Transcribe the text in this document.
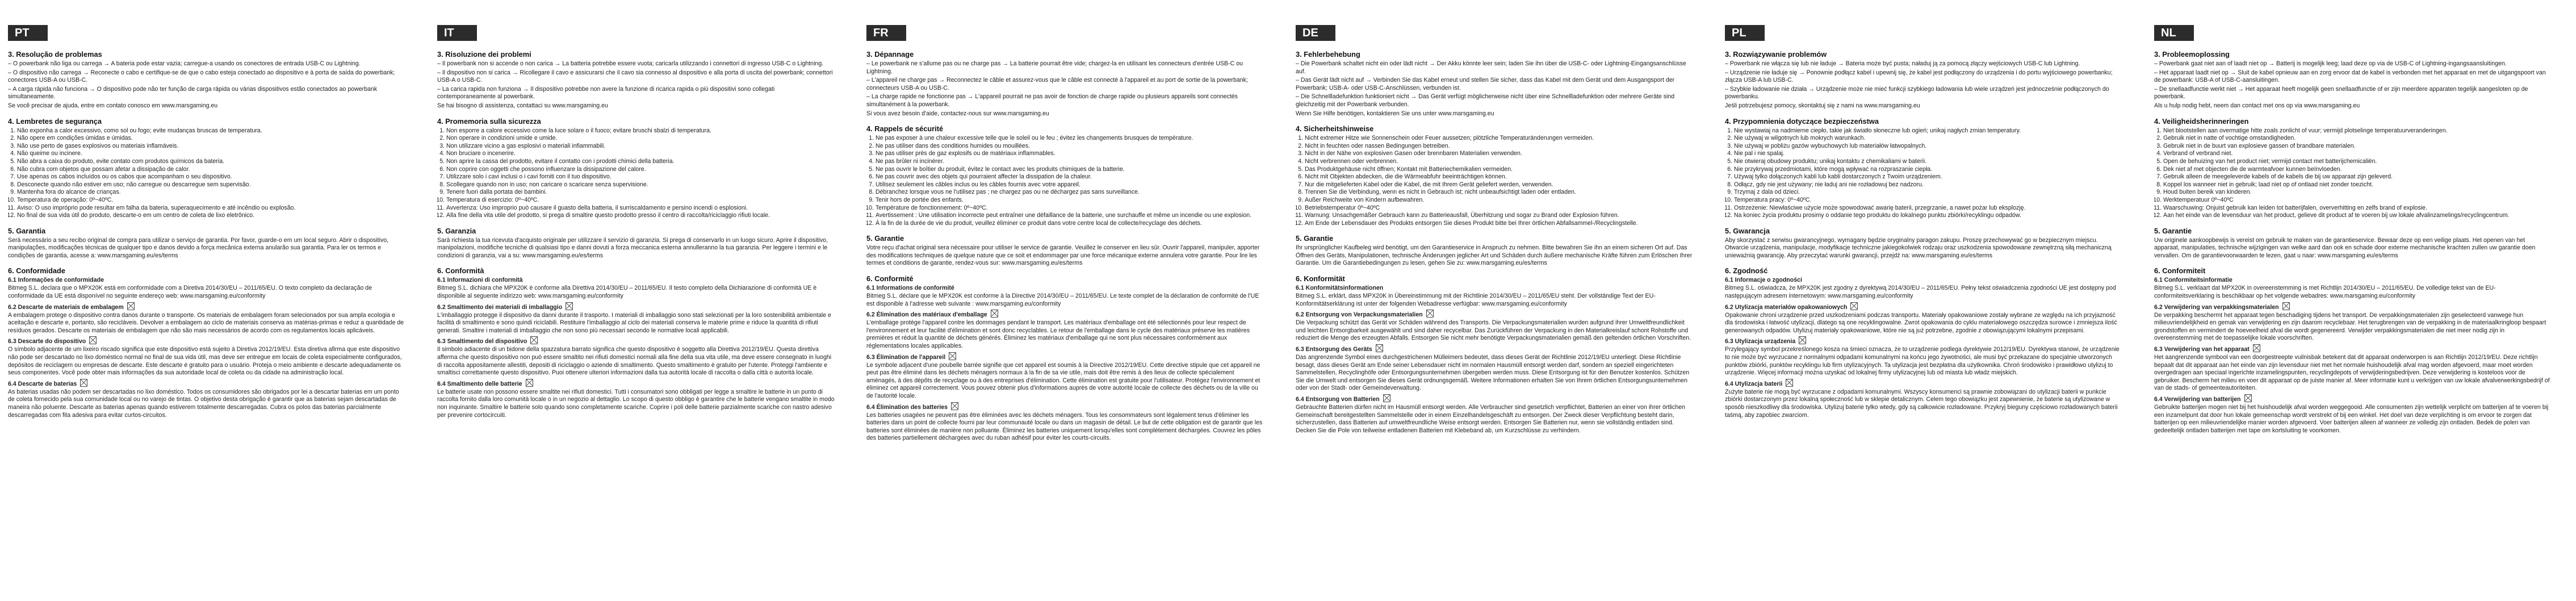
PT
3. Resolução de problemas

– O powerbank não liga ou carrega → A bateria pode estar vazia; carregue-a usando os conectores de entrada USB-C ou Lightning.

– O dispositivo não carrega → Reconecte o cabo e certifique-se de que o cabo esteja conectado ao dispositivo e à porta de saída do powerbank; conectores USB-A ou USB-C.

– A carga rápida não funciona → O dispositivo pode não ter função de carga rápida ou várias dispositivos estão conectados ao powerbank simultaneamente.

Se você precisar de ajuda, entre em contato conosco em www.marsgaming.eu

4. Lembretes de segurança
1. Não exponha a calor excessivo, como sol ou fogo; evite mudanças bruscas de temperatura.
2. Não opere em condições úmidas e úmidas.
3. Não use perto de gases explosivos ou materiais inflamáveis.
4. Não queime ou incinere.
5. Não abra a caixa do produto, evite contato com produtos químicos da bateria.
6. Não cubra com objetos que possam afetar a dissipação de calor.
7. Use apenas os cabos incluídos ou os cabos que acompanham o seu dispositivo.
8. Desconecte quando não estiver em uso; não carregue ou descarregue sem supervisão.
9. Mantenha fora do alcance de crianças.
10. Temperatura de operação: 0º~40ºC.
11. Aviso: O uso impróprio pode resultar em falha da bateria, superaquecimento e até incêndio ou explosão.
12. No final de sua vida útil do produto, descarte-o em um centro de coleta de lixo eletrônico.
5. Garantia

Será necessário a seu recibo original de compra para utilizar o serviço de garantia. Por favor, guarde-o em um local seguro. Abrir o dispositivo, manipulações, modificações técnicas de qualquer tipo e danos devido a força mecânica externa anularão sua garantia. Para ler os termos e condições de garantia, acesse a: www.marsgaming.eu/es/terms

6. Conformidade
6.1 Informações de conformidade

Bitmeg S.L. declara que o MPX20K está em conformidade com a Diretiva 2014/30/EU – 2011/65/EU. O texto completo da declaração de conformidade da UE está disponível no seguinte endereço web: www.marsgaming.eu/conformity

6.2 Descarte de materiais de embalagem

A embalagem protege o dispositivo contra danos durante o transporte. Os materiais de embalagem foram selecionados por sua ampla ecologia e aceitação e descarte e, portanto, são recicláveis. Devolver a embalagem ao ciclo de materiais conserva as matérias-primas e reduz a quantidade de resíduos gerados. Descarte os materiais de embalagem que não são mais necessários de acordo com os regulamentos locais aplicáveis.

6.3 Descarte do dispositivo

O símbolo adjacente de um lixeiro riscado significa que este dispositivo está sujeito à Diretiva 2012/19/EU. Esta diretiva afirma que este dispositivo não pode ser descartado no lixo doméstico normal no final de sua vida útil, mas deve ser entregue em locais de coleta especialmente configurados, depósitos de reciclagem ou empresas de descarte. Este descarte é gratuito para o usuário. Proteja o meio ambiente e descarte adequadamente os seus componentes. Você pode obter mais informações da sua autoridade local de coleta ou da cidade na administração local.

6.4 Descarte de baterias

As baterias usadas não podem ser descartadas no lixo doméstico. Todos os consumidores são obrigados por lei a descartar baterias em um ponto de coleta fornecido pela sua comunidade local ou no varejo de tintas. O objetivo desta obrigação é garantir que as baterias sejam descartadas de maneira não poluente. Descarte as baterias apenas quando estiverem totalmente descarregadas. Cubra os polos das baterias parcialmente descarregadas com fita adesiva para evitar curtos-circuitos.

IT
3. Risoluzione dei problemi

– Il powerbank non si accende o non carica → La batteria potrebbe essere vuota; caricarla utilizzando i connettori di ingresso USB-C o Lightning.

– Il dispositivo non si carica → Ricollegare il cavo e assicurarsi che il cavo sia connesso al dispositivo e alla porta di uscita del powerbank; connettori USB-A o USB-C.

– La carica rapida non funziona → Il dispositivo potrebbe non avere la funzione di ricarica rapida o più dispositivi sono collegati contemporaneamente al powerbank.

Se hai bisogno di assistenza, contattaci su www.marsgaming.eu

4. Promemoria sulla sicurezza
1. Non esporre a calore eccessivo come la luce solare o il fuoco; evitare bruschi sbalzi di temperatura.
2. Non operare in condizioni umide e umide.
3. Non utilizzare vicino a gas esplosivi o materiali infiammabili.
4. Non bruciare o incenerire.
5. Non aprire la cassa del prodotto, evitare il contatto con i prodotti chimici della batteria.
6. Non coprire con oggetti che possono influenzare la dissipazione del calore.
7. Utilizzare solo i cavi inclusi o i cavi forniti con il tuo dispositivo.
8. Scollegare quando non in uso; non caricare o scaricare senza supervisione.
9. Tenere fuori dalla portata dei bambini.
10. Temperatura di esercizio: 0º~40ºC.
11. Avvertenza: Uso improprio può causare il guasto della batteria, il surriscaldamento e persino incendi o esplosioni.
12. Alla fine della vita utile del prodotto, si prega di smaltire questo prodotto presso il centro di raccolta/riciclaggio rifiuti locale.
5. Garanzia

Sarà richiesta la tua ricevuta d'acquisto originale per utilizzare il servizio di garanzia. Si prega di conservarlo in un luogo sicuro. Aprire il dispositivo, manipolazioni, modifiche tecniche di qualsiasi tipo e danni dovuti a forza meccanica esterna annulleranno la tua garanzia. Per leggere i termini e le condizioni di garanzia, vai a su: www.marsgaming.eu/es/terms

6. Conformità
6.1 Informazioni di conformità

Bitmeg S.L. dichiara che MPX20K è conforme alla Direttiva 2014/30/EU – 2011/65/EU. Il testo completo della Dichiarazione di conformità UE è disponibile al seguente indirizzo web: www.marsgaming.eu/conformity

6.2 Smaltimento dei materiali di imballaggio

L'imballaggio protegge il dispositivo da danni durante il trasporto. I materiali di imballaggio sono stati selezionati per la loro sostenibilità ambientale e facilità di smaltimento e sono quindi riciclabili. Restituire l'imballaggio al ciclo dei materiali conserva le materie prime e riduce la quantità di rifiuti generati. Smaltire i materiali di imballaggio che non sono più necessari secondo le normative locali applicabili.

6.3 Smaltimento del dispositivo

Il simbolo adiacente di un bidone della spazzatura barrato significa che questo dispositivo è soggetto alla Direttiva 2012/19/EU. Questa direttiva afferma che questo dispositivo non può essere smaltito nei rifiuti domestici normali alla fine della sua vita utile, ma deve essere consegnato in luoghi di raccolta appositamente allestiti, depositi di riciclaggio o aziende di smaltimento. Questo smaltimento è gratuito per l'utente. Proteggi l'ambiente e smaltisci correttamente questo dispositivo. Puoi ottenere ulteriori informazioni dalla tua autorità locale di raccolta o dalla città o autorità locale.

6.4 Smaltimento delle batterie

Le batterie usate non possono essere smaltite nei rifiuti domestici. Tutti i consumatori sono obbligati per legge a smaltire le batterie in un punto di raccolta fornito dalla loro comunità locale o in un negozio al dettaglio. Lo scopo di questo obbligo è garantire che le batterie vengano smaltite in modo non inquinante. Smaltire le batterie solo quando sono completamente scariche. Coprire i poli delle batterie parzialmente scariche con nastro adesivo per prevenire cortocircuiti.

FR
3. Dépannage

– Le powerbank ne s'allume pas ou ne charge pas → La batterie pourrait être vide; chargez-la en utilisant les connecteurs d'entrée USB-C ou Lightning.

– L'appareil ne charge pas → Reconnectez le câble et assurez-vous que le câble est connecté à l'appareil et au port de sortie de la powerbank; connecteurs USB-A ou USB-C.

– La charge rapide ne fonctionne pas → L'appareil pourrait ne pas avoir de fonction de charge rapide ou plusieurs appareils sont connectés simultanément à la powerbank.

Si vous avez besoin d'aide, contactez-nous sur www.marsgaming.eu

4. Rappels de sécurité
1. Ne pas exposer à une chaleur excessive telle que le soleil ou le feu ; évitez les changements brusques de température.
2. Ne pas utiliser dans des conditions humides ou mouillées.
3. Ne pas utiliser près de gaz explosifs ou de matériaux inflammables.
4. Ne pas brûler ni incinérer.
5. Ne pas ouvrir le boîtier du produit, évitez le contact avec les produits chimiques de la batterie.
6. Ne pas couvrir avec des objets qui pourraient affecter la dissipation de la chaleur.
7. Utilisez seulement les câbles inclus ou les câbles fournis avec votre appareil.
8. Débranchez lorsque vous ne l'utilisez pas ; ne chargez pas ou ne déchargez pas sans surveillance.
9. Tenir hors de portée des enfants.
10. Température de fonctionnement: 0º~40ºC.
11. Avertissement : Une utilisation incorrecte peut entraîner une défaillance de la batterie, une surchauffe et même un incendie ou une explosion.
12. À la fin de la durée de vie du produit, veuillez éliminer ce produit dans votre centre local de collecte/recyclage des déchets.
5. Garantie

Votre reçu d'achat original sera nécessaire pour utiliser le service de garantie. Veuillez le conserver en lieu sûr. Ouvrir l'appareil, manipuler, apporter des modifications techniques de quelque nature que ce soit et endommager par une force mécanique externe annulera votre garantie. Pour lire les termes et conditions de garantie, rendez-vous sur: www.marsgaming.eu/es/terms

6. Conformité
6.1 Informations de conformité

Bitmeg S.L. déclare que le MPX20K est conforme à la Directive 2014/30/EU – 2011/65/EU. Le texte complet de la déclaration de conformité de l'UE est disponible à l'adresse web suivante : www.marsgaming.eu/conformity

6.2 Élimination des matériaux d'emballage

L'emballage protège l'appareil contre les dommages pendant le transport. Les matériaux d'emballage ont été sélectionnés pour leur respect de l'environnement et leur facilité d'élimination et sont donc recyclables. Le retour de l'emballage dans le cycle des matériaux préserve les matières premières et réduit la quantité de déchets générés. Éliminez les matériaux d'emballage qui ne sont plus nécessaires conformément aux réglementations locales applicables.

6.3 Élimination de l'appareil

Le symbole adjacent d'une poubelle barrée signifie que cet appareil est soumis à la Directive 2012/19/EU. Cette directive stipule que cet appareil ne peut pas être éliminé dans les déchets ménagers normaux à la fin de sa vie utile, mais doit être remis à des lieux de collecte spécialement aménagés, à des dépôts de recyclage ou à des entreprises d'élimination. Cette élimination est gratuite pour l'utilisateur. Protégez l'environnement et éliminez cet appareil correctement. Vous pouvez obtenir plus d'informations auprès de votre autorité locale de collecte des déchets ou de la ville ou de l'autorité locale.

6.4 Élimination des batteries

Les batteries usagées ne peuvent pas être éliminées avec les déchets ménagers. Tous les consommateurs sont légalement tenus d'éliminer les batteries dans un point de collecte fourni par leur communauté locale ou dans un magasin de détail. Le but de cette obligation est de garantir que les batteries sont éliminées de manière non polluante. Éliminez les batteries uniquement lorsqu'elles sont complètement déchargées. Couvrez les pôles des batteries partiellement déchargées avec du ruban adhésif pour éviter les courts-circuits.

DE
3. Fehlerbehebung

– Die Powerbank schaltet nicht ein oder lädt nicht → Der Akku könnte leer sein; laden Sie ihn über die USB-C- oder Lightning-Eingangsanschlüsse auf.

– Das Gerät lädt nicht auf → Verbinden Sie das Kabel erneut und stellen Sie sicher, dass das Kabel mit dem Gerät und dem Ausgangsport der Powerbank; USB-A- oder USB-C-Anschlüssen, verbunden ist.

– Die Schnellladefunktion funktioniert nicht → Das Gerät verfügt möglicherweise nicht über eine Schnellladefunktion oder mehrere Geräte sind gleichzeitig mit der Powerbank verbunden.

Wenn Sie Hilfe benötigen, kontaktieren Sie uns unter www.marsgaming.eu

4. Sicherheitshinweise
1. Nicht extremer Hitze wie Sonnenschein oder Feuer aussetzen; plötzliche Temperaturänderungen vermeiden.
2. Nicht in feuchten oder nassen Bedingungen betreiben.
3. Nicht in der Nähe von explosiven Gasen oder brennbaren Materialien verwenden.
4. Nicht verbrennen oder verbrennen.
5. Das Produktgehäuse nicht öffnen; Kontakt mit Batteriechemikalien vermeiden.
6. Nicht mit Objekten abdecken, die die Wärmeabfuhr beeinträchtigen können.
7. Nur die mitgelieferten Kabel oder die Kabel, die mit Ihrem Gerät geliefert werden, verwenden.
8. Trennen Sie die Verbindung, wenn es nicht in Gebrauch ist; nicht unbeaufsichtigt laden oder entladen.
9. Außer Reichweite von Kindern aufbewahren.
10. Betriebstemperatur 0º~40ºC
11. Warnung: Unsachgemäßer Gebrauch kann zu Batterieausfall, Überhitzung und sogar zu Brand oder Explosion führen.
12. Am Ende der Lebensdauer des Produkts entsorgen Sie dieses Produkt bitte bei Ihrer örtlichen Abfallsammel-/Recyclingstelle.
5. Garantie

Ihr ursprünglicher Kaufbeleg wird benötigt, um den Garantieservice in Anspruch zu nehmen. Bitte bewahren Sie ihn an einem sicheren Ort auf. Das Öffnen des Geräts, Manipulationen, technische Änderungen jeglicher Art und Schäden durch äußere mechanische Kräfte führen zum Erlöschen Ihrer Garantie. Um die Garantiebedingungen zu lesen, gehen Sie zu: www.marsgaming.eu/es/terms

6. Konformität
6.1 Konformitätsinformationen

Bitmeg S.L. erklärt, dass MPX20K in Übereinstimmung mit der Richtlinie 2014/30/EU – 2011/65/EU steht. Der vollständige Text der EU-Konformitätserklärung ist unter der folgenden Webadresse verfügbar: www.marsgaming.eu/conformity

6.2 Entsorgung von Verpackungsmaterialien

Die Verpackung schützt das Gerät vor Schäden während des Transports. Die Verpackungsmaterialien wurden aufgrund ihrer Umweltfreundlichkeit und leichten Entsorgbarkeit ausgewählt und sind daher recycelbar. Das Zurückführen der Verpackung in den Materialkreislauf schont Rohstoffe und reduziert die Menge des erzeugten Abfalls. Entsorgen Sie nicht mehr benötigte Verpackungsmaterialien gemäß den geltenden örtlichen Vorschriften.

6.3 Entsorgung des Geräts

Das angrenzende Symbol eines durchgestrichenen Mülleimers bedeutet, dass dieses Gerät der Richtlinie 2012/19/EU unterliegt. Diese Richtlinie besagt, dass dieses Gerät am Ende seiner Lebensdauer nicht im normalen Hausmüll entsorgt werden darf, sondern an speziell eingerichteten Sammelstellen, Recyclinghöfe oder Entsorgungsunternehmen übergeben werden muss. Diese Entsorgung ist für den Benutzer kostenlos. Schützen Sie die Umwelt und entsorgen Sie dieses Gerät ordnungsgemäß. Weitere Informationen erhalten Sie von Ihrem örtlichen Entsorgungsunternehmen oder von der Stadt- oder Gemeindeverwaltung.

6.4 Entsorgung von Batterien

Gebrauchte Batterien dürfen nicht im Hausmüll entsorgt werden. Alle Verbraucher sind gesetzlich verpflichtet, Batterien an einer von ihrer örtlichen Gemeinschaft bereitgestellten Sammelstelle oder in einem Einzelhandelsgeschäft zu entsorgen. Der Zweck dieser Verpflichtung besteht darin, sicherzustellen, dass Batterien auf umweltfreundliche Weise entsorgt werden. Entsorgen Sie Batterien nur, wenn sie vollständig entladen sind. Decken Sie die Pole von teilweise entladenen Batterien mit Klebeband ab, um Kurzschlüsse zu verhindern.

PL
3. Rozwiązywanie problemów

– Powerbank nie włącza się lub nie ładuje → Bateria może być pusta; naładuj ją za pomocą złączy wejściowych USB-C lub Lightning.

– Urządzenie nie ładuje się → Ponownie podłącz kabel i upewnij się, że kabel jest podłączony do urządzenia i do portu wyjściowego powerbanku; złącza USB-A lub USB-C.

– Szybkie ładowanie nie działa → Urządzenie może nie mieć funkcji szybkiego ładowania lub wiele urządzeń jest jednocześnie podłączonych do powerbanku.

Jeśli potrzebujesz pomocy, skontaktuj się z nami na www.marsgaming.eu

4. Przypomnienia dotyczące bezpieczeństwa
1. Nie wystawiaj na nadmierne ciepło, takie jak światło słoneczne lub ogień; unikaj nagłych zmian temperatury.
2. Nie używaj w wilgotnych lub mokrych warunkach.
3. Nie używaj w pobliżu gazów wybuchowych lub materiałów łatwopalnych.
4. Nie pal i nie spalaj.
5. Nie otwieraj obudowy produktu; unikaj kontaktu z chemikaliami w baterii.
6. Nie przykrywaj przedmiotami, które mogą wpływać na rozpraszanie ciepła.
7. Używaj tylko dołączonych kabli lub kabli dostarczonych z Twoim urządzeniem.
8. Odłącz, gdy nie jest używany; nie ładuj ani nie rozładowuj bez nadzoru.
9. Trzymaj z dala od dzieci.
10. Temperatura pracy: 0º~40ºC.
11. Ostrzeżenie: Niewłaściwe użycie może spowodować awarię baterii, przegrzanie, a nawet pożar lub eksplozję.
12. Na koniec życia produktu prosimy o oddanie tego produktu do lokalnego punktu zbiórki/recyklingu odpadów.
5. Gwarancja

Aby skorzystać z serwisu gwarancyjnego, wymagany będzie oryginalny paragon zakupu. Proszę przechowywać go w bezpiecznym miejscu. Otwarcie urządzenia, manipulacje, modyfikacje techniczne jakiegokolwiek rodzaju oraz uszkodzenia spowodowane zewnętrzną siłą mechaniczną unieważnią gwarancję. Aby przeczytać warunki gwarancji, przejdź na: www.marsgaming.eu/es/terms

6. Zgodność
6.1 Informacje o zgodności

Bitmeg S.L. oświadcza, że MPX20K jest zgodny z dyrektywą 2014/30/EU – 2011/65/EU. Pełny tekst oświadczenia zgodności UE jest dostępny pod następującym adresem internetowym: www.marsgaming.eu/conformity

6.2 Utylizacja materiałów opakowaniowych

Opakowanie chroni urządzenie przed uszkodzeniami podczas transportu. Materiały opakowaniowe zostały wybrane ze względu na ich przyjazność dla środowiska i łatwość utylizacji, dlatego są one recyklingowalne. Zwrot opakowania do cyklu materiałowego oszczędza surowce i zmniejsza ilość generowanych odpadów. Utylizuj materiały opakowaniowe, które nie są już potrzebne, zgodnie z obowiązującymi lokalnymi przepisami.

6.3 Utylizacja urządzenia

Przylegający symbol przekreślonego kosza na śmieci oznacza, że to urządzenie podlega dyrektywie 2012/19/EU. Dyrektywa stanowi, że urządzenie to nie może być wyrzucane z normalnymi odpadami komunalnymi na końcu jego żywotności, ale musi być przekazane do specjalnie utworzonych punktów zbiórki, punktów recyklingu lub firm utylizacyjnych. Ta utylizacja jest bezpłatna dla użytkownika. Chroń środowisko i prawidłowo utylizuj to urządzenie. Więcej informacji można uzyskać od lokalnej firmy utylizacyjnej lub od miasta lub władz miejskich.

6.4 Utylizacja baterii

Zużyte baterie nie mogą być wyrzucane z odpadami komunalnymi. Wszyscy konsumenci są prawnie zobowiązani do utylizacji baterii w punkcie zbiórki dostarczonym przez lokalną społeczność lub w sklepie detalicznym. Celem tego obowiązku jest zapewnienie, że baterie są utylizowane w sposób nieszkodliwy dla środowiska. Utylizuj baterie tylko wtedy, gdy są całkowicie rozładowane. Przykryj bieguny częściowo rozładowanych baterii taśmą, aby zapobiec zwarciom.

NL
3. Probleemoplossing

– Powerbank gaat niet aan of laadt niet op → Batterij is mogelijk leeg; laad deze op via de USB-C of Lightning-ingangsaansluitingen.

– Het apparaat laadt niet op → Sluit de kabel opnieuw aan en zorg ervoor dat de kabel is verbonden met het apparaat en met de uitgangspoort van de powerbank: USB-A of USB-C-aansluitingen.

– De snellaadfunctie werkt niet → Het apparaat heeft mogelijk geen snellaadfunctie of er zijn meerdere apparaten tegelijk aangesloten op de powerbank.

Als u hulp nodig hebt, neem dan contact met ons op via www.marsgaming.eu

4. Veiligheidsherinneringen
1. Niet blootstellen aan overmatige hitte zoals zonlicht of vuur; vermijd plotselinge temperatuurveranderingen.
2. Gebruik niet in natte of vochtige omstandigheden.
3. Gebruik niet in de buurt van explosieve gassen of brandbare materialen.
4. Verbrand of verbrand niet.
5. Open de behuizing van het product niet; vermijd contact met batterijchemicaliën.
6. Dek niet af met objecten die de warmteafvoer kunnen beïnvloeden.
7. Gebruik alleen de meegeleverde kabels of de kabels die bij uw apparaat zijn geleverd.
8. Koppel los wanneer niet in gebruik; laad niet op of ontlaad niet zonder toezicht.
9. Houd buiten bereik van kinderen.
10. Werktemperatuur 0º~40ºC
11. Waarschuwing: Onjuist gebruik kan leiden tot batterijfalen, oververhitting en zelfs brand of explosie.
12. Aan het einde van de levensduur van het product, gelieve dit product af te voeren bij uw lokale afvalinzamelings/recyclingcentrum.
5. Garantie

Uw originele aankoopbewijs is vereist om gebruik te maken van de garantieservice. Bewaar deze op een veilige plaats. Het openen van het apparaat, manipulaties, technische wijzigingen van welke aard dan ook en schade door externe mechanische krachten zullen uw garantie doen vervallen. Om de garantievoorwaarden te lezen, gaat u naar: www.marsgaming.eu/es/terms

6. Conformiteit
6.1 Conformiteitsinformatie

Bitmeg S.L. verklaart dat MPX20K in overeenstemming is met Richtlijn 2014/30/EU – 2011/65/EU. De volledige tekst van de EU-conformiteitsverklaring is beschikbaar op het volgende webadres: www.marsgaming.eu/conformity

6.2 Verwijdering van verpakkingsmaterialen

De verpakking beschermt het apparaat tegen beschadiging tijdens het transport. De verpakkingsmaterialen zijn geselecteerd vanwege hun milieuvriendelijkheid en gemak van verwijdering en zijn daarom recyclebaar. Het terugbrengen van de verpakking in de materiaalkringloop bespaart grondstoffen en vermindert de hoeveelheid afval die wordt gegenereerd. Verwijder verpakkingsmaterialen die niet meer nodig zijn in overeenstemming met de toepasselijke lokale voorschriften.

6.3 Verwijdering van het apparaat

Het aangrenzende symbool van een doorgestreepte vuilnisbak betekent dat dit apparaat onderworpen is aan Richtlijn 2012/19/EU. Deze richtlijn bepaalt dat dit apparaat aan het einde van zijn levensduur niet met het normale huishoudelijk afval mag worden afgevoerd, maar moet worden overgedragen aan speciaal ingerichte inzamelingspunten, recyclingdepots of verwijderingsbedrijven. Deze verwijdering is kosteloos voor de gebruiker. Bescherm het milieu en voer dit apparaat op de juiste manier af. Meer informatie kunt u verkrijgen van uw lokale afvalverwerkingsbedrijf of van de stads- of gemeenteautoriteiten.

6.4 Verwijdering van batterijen

Gebruikte batterijen mogen niet bij het huishoudelijk afval worden weggegooid. Alle consumenten zijn wettelijk verplicht om batterijen af te voeren bij een inzamelpunt dat door hun lokale gemeenschap wordt verstrekt of bij een winkel. Het doel van deze verplichting is om ervoor te zorgen dat batterijen op een milieuvriendelijke manier worden afgevoerd. Voer batterijen alleen af wanneer ze volledig zijn ontladen. Bedek de polen van gedeeltelijk ontladen batterijen met tape om kortsluiting te voorkomen.
